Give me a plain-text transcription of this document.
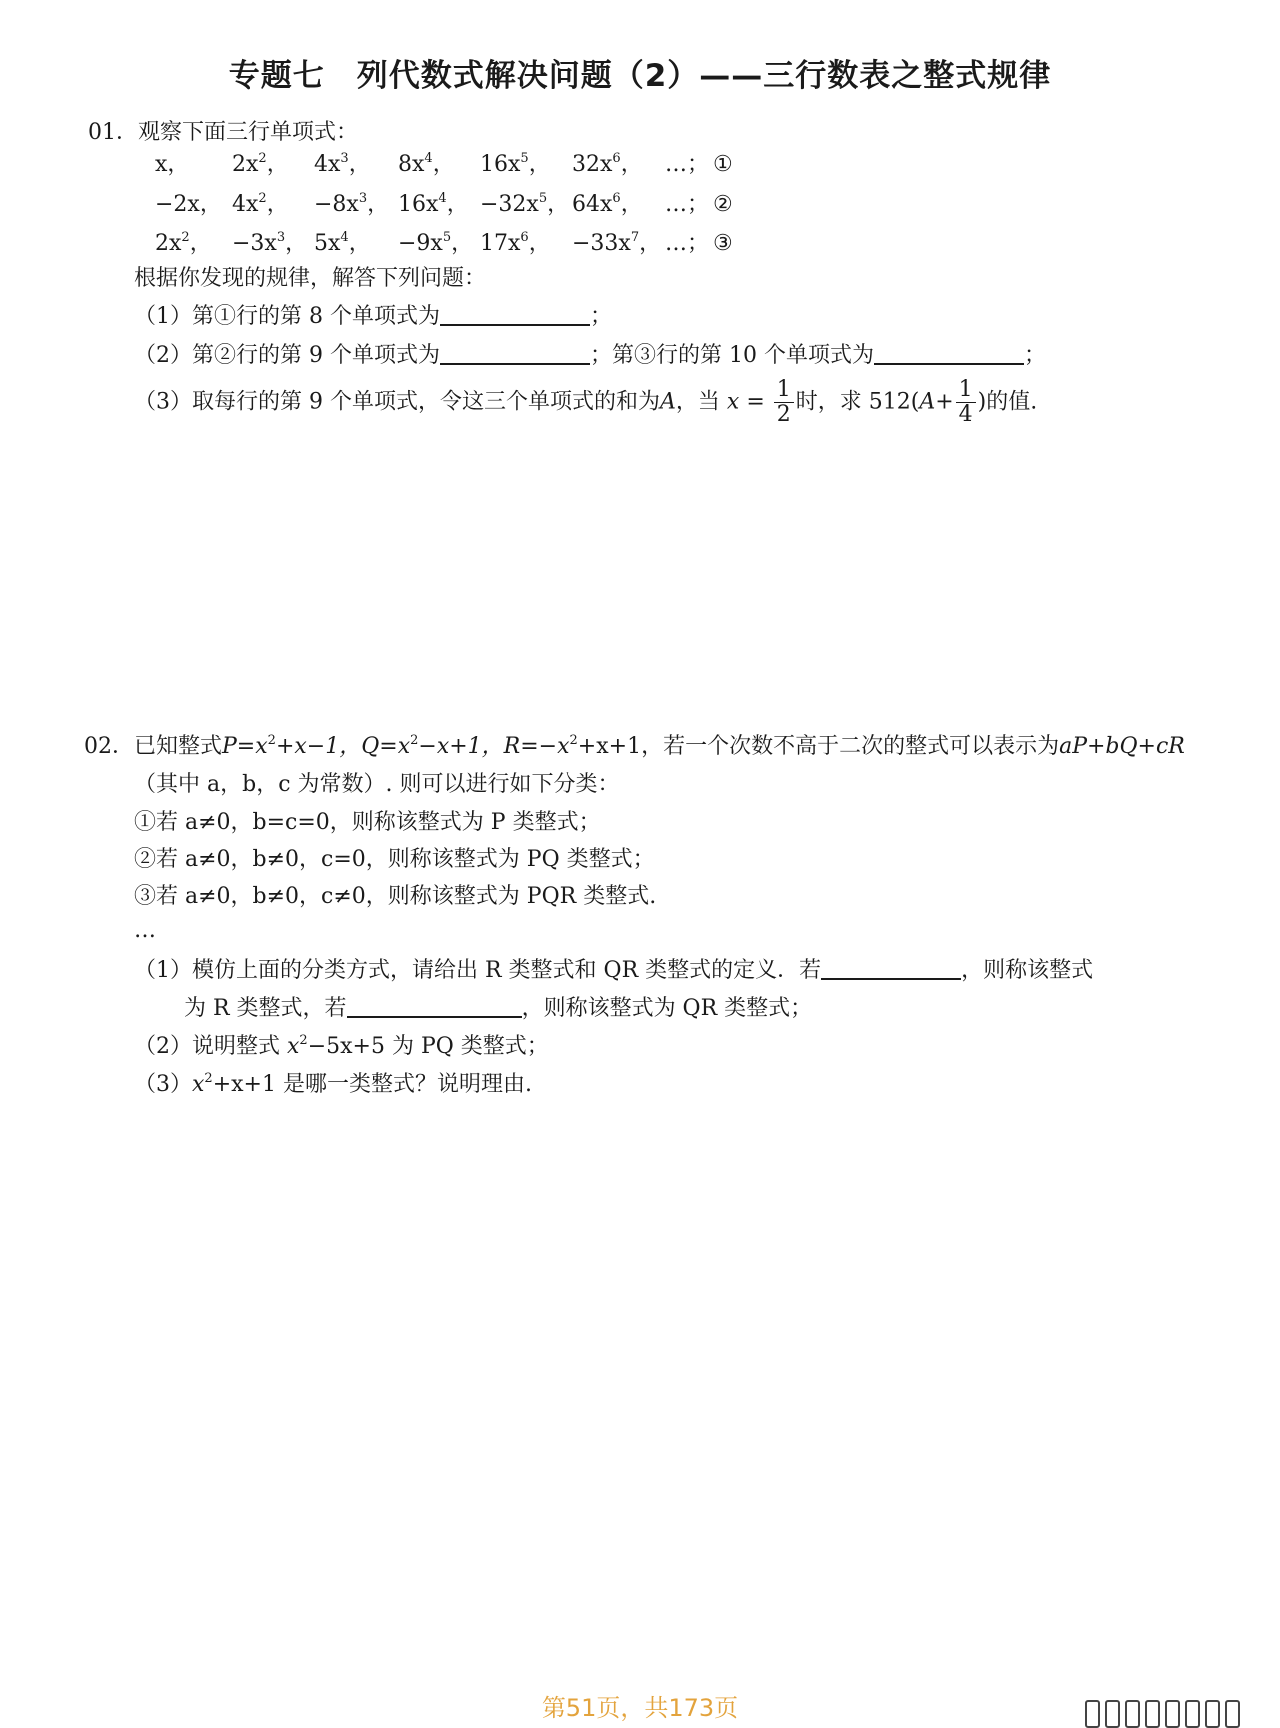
专题七　列代数式解决问题（2）——三行数表之整式规律
01．观察下面三行单项式：
x， $2x^2$， $4x^3$， $8x^4$， $16x^5$， $32x^6$， …； ①
−2x， $4x^2$， $-8x^3$， $16x^4$， $-32x^5$， $64x^6$， …； ②
$2x^2$， $-3x^3$， $5x^4$， $-9x^5$， $17x^6$， $-33x^7$， …； ③
根据你发现的规律，解答下列问题：
（1）第①行的第 8 个单项式为	；
（2）第②行的第 9 个单项式为	；第③行的第 10 个单项式为	；
（3）取每行的第 9 个单项式，令这三个单项式的和为A，当 $x = \frac{1}{2}$ 时，求 $512(A+ \frac{1}{4}$ )的值.
02．已知整式$P=x^2+x-1$，$Q=x^2-x+1$，$R=-x^2+x+1$，若一个次数不高于二次的整式可以表示为aP+bQ+cR
（其中 a，b，c 为常数）. 则可以进行如下分类：
①若 a≠0，b=c=0，则称该整式为 P 类整式；
②若 a≠0，b≠0，c=0，则称该整式为 PQ 类整式；
③若 a≠0，b≠0，c≠0，则称该整式为 PQR 类整式.
…
（1）模仿上面的分类方式，请给出 R 类整式和 QR 类整式的定义．若	，则称该整式
为 R 类整式，若	，则称该整式为 QR 类整式；
（2）说明整式 $x^2-5x+5$ 为 PQ 类整式；
$(3)x^2+x+1$ 是哪一类整式？说明理由.
第51页，共173页
